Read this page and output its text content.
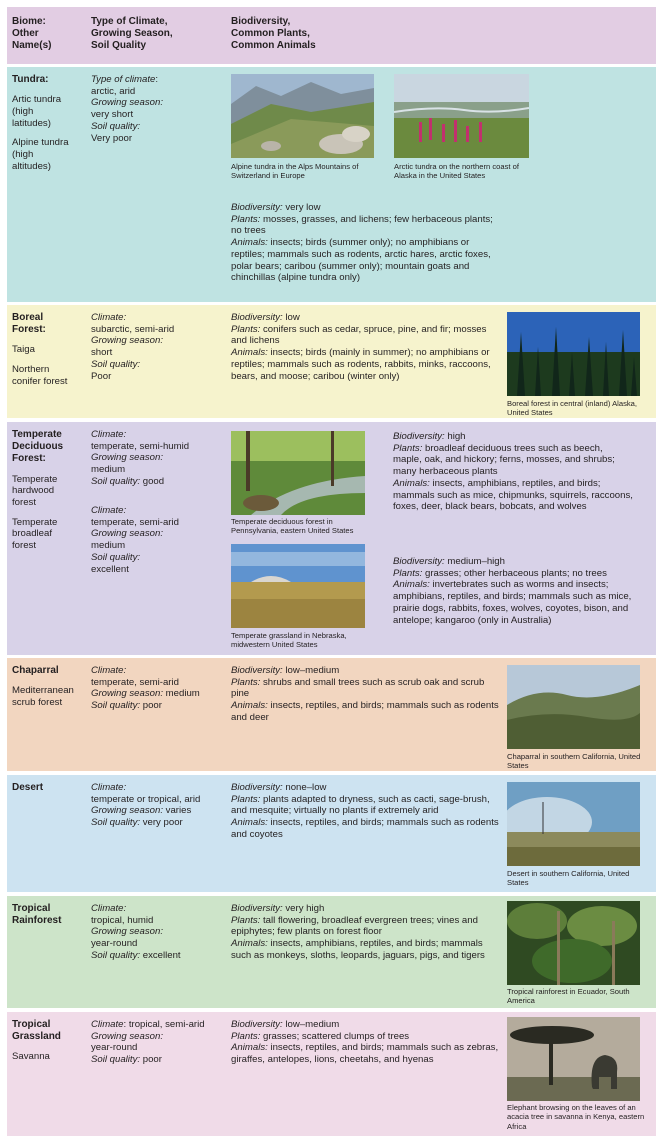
Biome:
Other
Name(s)
Type of Climate,
Growing Season,
Soil Quality
Biodiversity,
Common Plants,
Common Animals
Tundra:
Artic tundra
(high
latitudes)
Alpine tundra
(high
altitudes)
Type of climate:
arctic, arid
Growing season:
very short
Soil quality:
Very poor
Alpine tundra in the Alps Mountains of Switzerland in Europe
Arctic tundra on the northern coast of Alaska in the United States

Biodiversity: very low

Plants: mosses, grasses, and lichens; few herbaceous plants; no trees

Animals: insects; birds (summer only); no amphibians or reptiles; mammals such as rodents, arctic hares, arctic foxes, polar bears; caribou (summer only); mountain goats and chinchillas (alpine tundra only)

Boreal
Forest:
Taiga
Northern
conifer forest
Climate:
subarctic, semi-arid
Growing season:
short
Soil quality:
Poor

Biodiversity: low

Plants: conifers such as cedar, spruce, pine, and fir; mosses and lichens

Animals: insects; birds (mainly in summer); no amphibians or reptiles; mammals such as rodents, rabbits, minks, raccoons, bears, and moose; caribou (winter only)

Boreal forest in central (inland) Alaska, United States
Temperate
Deciduous
Forest:
Temperate
hardwood
forest
Temperate
broadleaf
forest
Climate:
temperate, semi-humid
Growing season:
medium
Soil quality: good
Climate:
temperate, semi-arid
Growing season:
medium
Soil quality:
excellent
Temperate deciduous forest in Pennsylvania, eastern United States
Temperate grassland in Nebraska, midwestern United States

Biodiversity: high

Plants: broadleaf deciduous trees such as beech, maple, oak, and hickory; ferns, mosses, and shrubs; many herbaceous plants

Animals: insects, amphibians, reptiles, and birds; mammals such as mice, chipmunks, squirrels, raccoons, foxes, deer, black bears, bobcats, and wolves

Biodiversity: medium–high

Plants: grasses; other herbaceous plants; no trees

Animals: invertebrates such as worms and insects; amphibians, reptiles, and birds; mammals such as mice, prairie dogs, rabbits, foxes, wolves, coyotes, bison, and antelope; kangaroo (only in Australia)

Chaparral
Mediterranean
scrub forest
Climate:
temperate, semi-arid
Growing season: medium
Soil quality: poor

Biodiversity: low–medium

Plants: shrubs and small trees such as scrub oak and scrub pine

Animals: insects, reptiles, and birds; mammals such as rodents and deer

Chaparral in southern California, United States
Desert	Climate:
temperate or tropical, arid
Growing season: varies
Soil quality: very poor

Biodiversity: none–low

Plants: plants adapted to dryness, such as cacti, sage-brush, and mesquite; virtually no plants if extremely arid

Animals: insects, reptiles, and birds; mammals such as rodents and coyotes

Desert in southern California, United States
Tropical
Rainforest
Climate:
tropical, humid
Growing season:
year-round
Soil quality: excellent

Biodiversity: very high

Plants: tall flowering, broadleaf evergreen trees; vines and epiphytes; few plants on forest floor

Animals: insects, amphibians, reptiles, and birds; mammals such as monkeys, sloths, leopards, jaguars, pigs, and tigers

Tropical rainforest in Ecuador, South America
Tropical
Grassland
Savanna
Climate: tropical, semi-arid
Growing season:
year-round
Soil quality: poor

Biodiversity: low–medium

Plants: grasses; scattered clumps of trees

Animals: insects, reptiles, and birds; mammals such as zebras, giraffes, antelopes, lions, cheetahs, and hyenas

Elephant browsing on the leaves of an acacia tree in savanna in Kenya, eastern Africa
